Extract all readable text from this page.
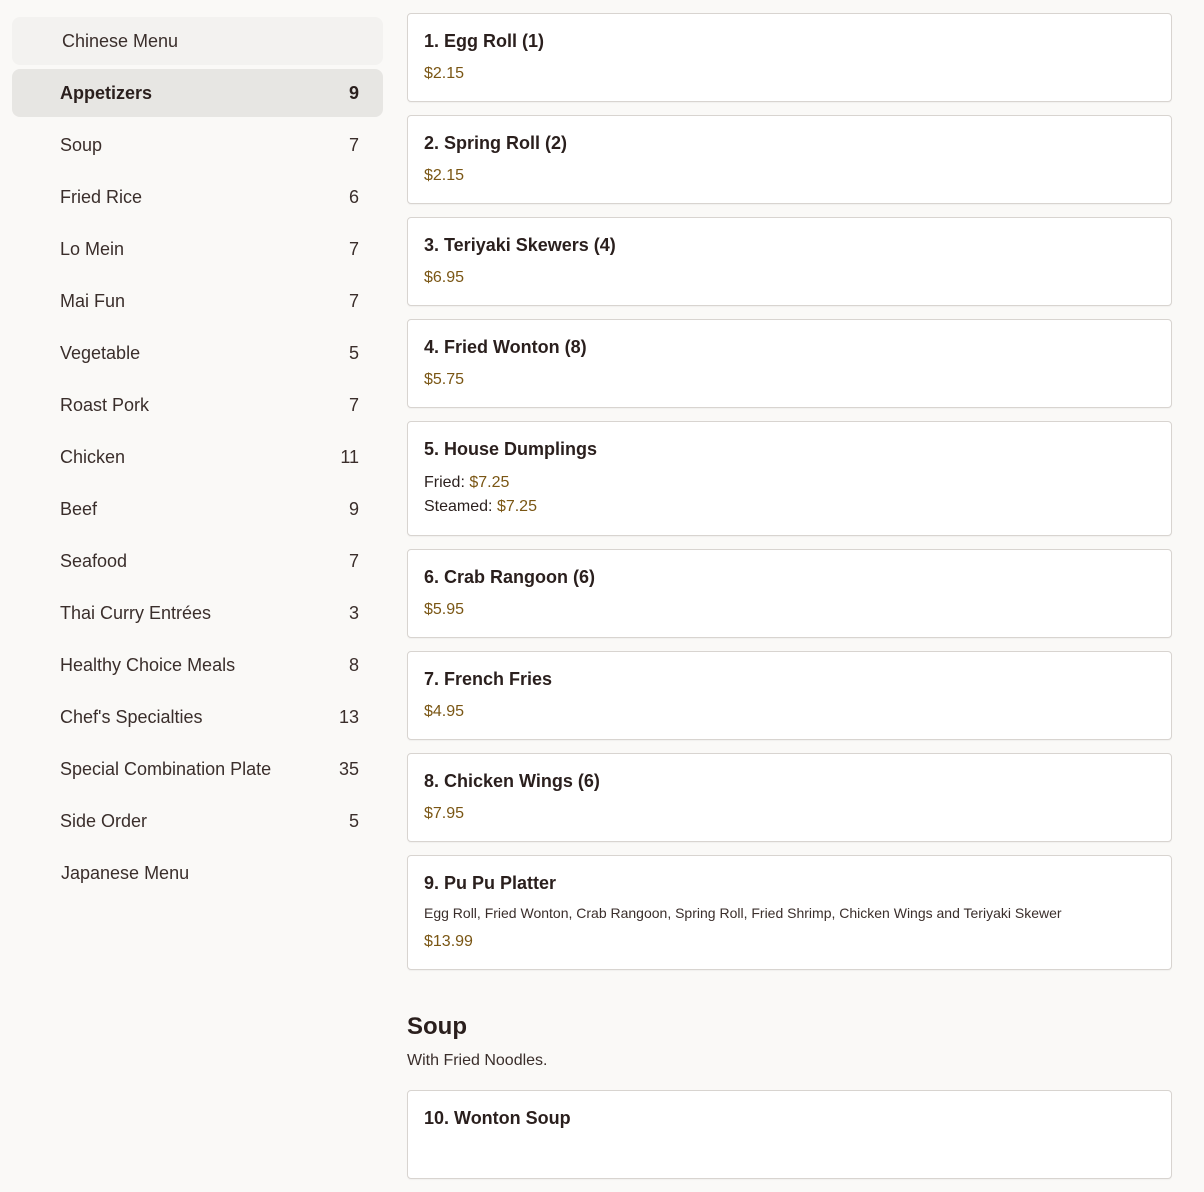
Chinese Menu
Appetizers	9
Soup	7
Fried Rice	6
Lo Mein	7
Mai Fun	7
Vegetable	5
Roast Pork	7
Chicken	11
Beef	9
Seafood	7
Thai Curry Entrées	3
Healthy Choice Meals	8
Chef's Specialties	13
Special Combination Plate	35
Side Order	5
Japanese Menu
1. Egg Roll (1)
$2.15
2. Spring Roll (2)
$2.15
3. Teriyaki Skewers (4)
$6.95
4. Fried Wonton (8)
$5.75
5. House Dumplings
Fried: $7.25
Steamed: $7.25
6. Crab Rangoon (6)
$5.95
7. French Fries
$4.95
8. Chicken Wings (6)
$7.95
9. Pu Pu Platter
Egg Roll, Fried Wonton, Crab Rangoon, Spring Roll, Fried Shrimp, Chicken Wings and Teriyaki Skewer
$13.99
Soup
With Fried Noodles.
10. Wonton Soup
